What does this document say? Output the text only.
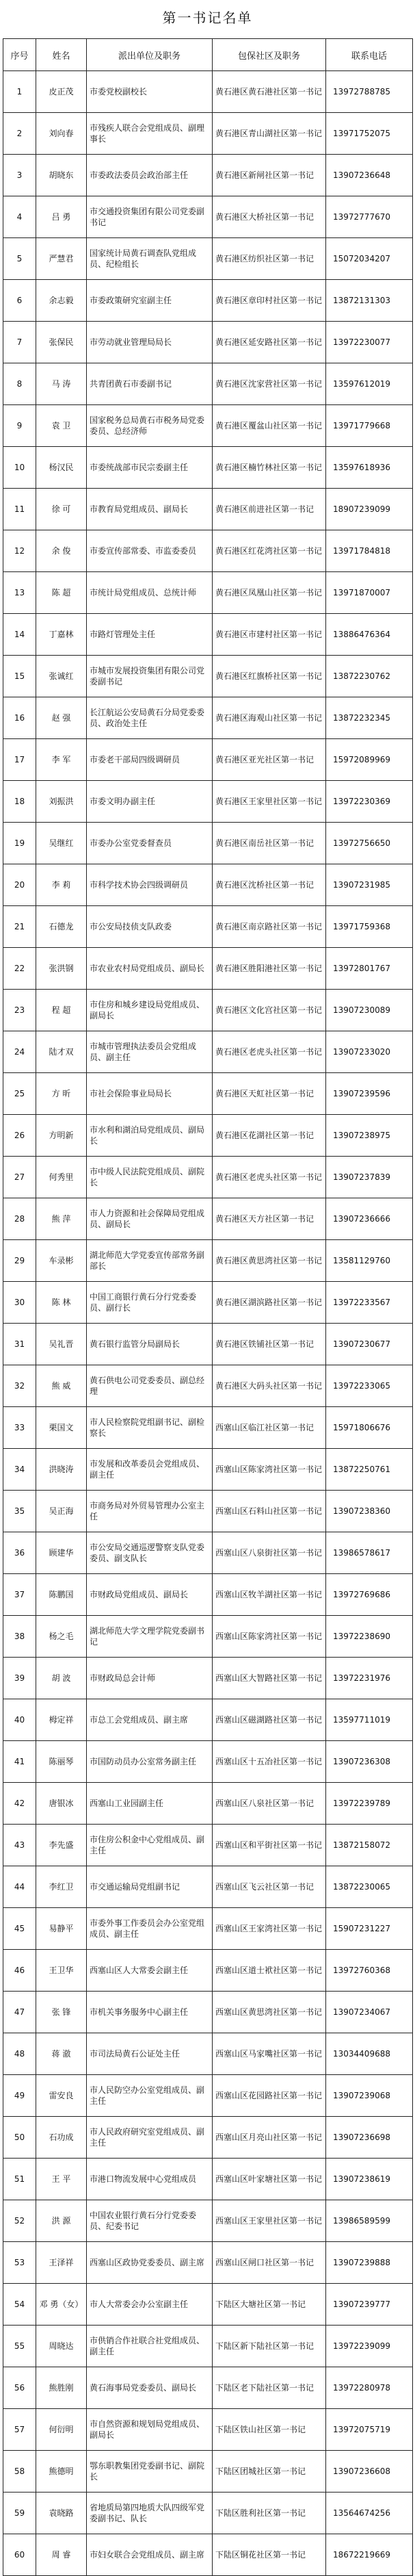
第一书记名单
序号	姓名	派出单位及职务	包保社区及职务	联系电话
1	皮正茂	市委党校副校长	黄石港区黄石港社区第一书记	13972788785
2	刘向春	市残疾人联合会党组成员、副理事长	黄石港区青山湖社区第一书记	13971752075
3	胡晓东	市委政法委员会政治部主任	黄石港区新闸社区第一书记	13907236648
4	吕 勇	市交通投资集团有限公司党委副书记	黄石港区大桥社区第一书记	13972777670
5	严慧君	国家统计局黄石调查队党组成员、纪检组长	黄石港区纺织社区第一书记	15072034207
6	余志毅	市委政策研究室副主任	黄石港区章印村社区第一书记	13872131303
7	张保民	市劳动就业管理局局长	黄石港区延安路社区第一书记	13972230077
8	马 涛	共青团黄石市委副书记	黄石港区沈家营社区第一书记	13597612019
9	袁 卫	国家税务总局黄石市税务局党委委员、总经济师	黄石港区覆盆山社区第一书记	13971779668
10	杨汉民	市委统战部市民宗委副主任	黄石港区楠竹林社区第一书记	13597618936
11	徐 可	市教育局党组成员、副局长	黄石港区前进社区第一书记	18907239099
12	余 俊	市委宣传部常委、市监委委员	黄石港区红花湾社区第一书记	13971784818
13	陈 超	市统计局党组成员、总统计师	黄石港区凤凰山社区第一书记	13971870007
14	丁嘉林	市路灯管理处主任	黄石港区市建村社区第一书记	13886476364
15	张诚红	市城市发展投资集团有限公司党委副书记	黄石港区红旗桥社区第一书记	13872230762
16	赵 强	长江航运公安局黄石分局党委委员、政治处主任	黄石港区海观山社区第一书记	13872232345
17	李 军	市委老干部局四级调研员	黄石港区亚光社区第一书记	15972089969
18	刘振洪	市委文明办副主任	黄石港区王家里社区第一书记	13972230369
19	吴继红	市委办公室党委督查员	黄石港区南岳社区第一书记	13972756650
20	李 莉	市科学技术协会四级调研员	黄石港区沈桥社区第一书记	13907231985
21	石德龙	市公安局技侦支队政委	黄石港区南京路社区第一书记	13971759368
22	张洪钢	市农业农村局党组成员、副局长	黄石港区胜阳港社区第一书记	13972801767
23	程 超	市住房和城乡建设局党组成员、副局长	黄石港区文化宫社区第一书记	13907230089
24	陆才双	市城市管理执法委员会党组成员、副主任	黄石港区老虎头社区第一书记	13907233020
25	方 昕	市社会保险事业局局长	黄石港区天虹社区第一书记	13907239596
26	方明新	市水利和湖泊局党组成员、副局长	黄石港区花湖社区第一书记	13907238975
27	何秀里	市中级人民法院党组成员、副院长	黄石港区老虎头社区第一书记	13907237839
28	熊 萍	市人力资源和社会保障局党组成员、副局长	黄石港区天方社区第一书记	13907236666
29	车录彬	湖北师范大学党委宣传部常务副部长	黄石港区黄思湾社区第一书记	13581129760
30	陈 林	中国工商银行黄石分行党委委员、副行长	黄石港区湖滨路社区第一书记	13972233567
31	吴礼晋	黄石银行监管分局副局长	黄石港区铁铺社区第一书记	13907230677
32	熊 威	黄石供电公司党委委员、副总经理	黄石港区大码头社区第一书记	13972233065
33	栗国文	市人民检察院党组副书记、副检察长	西塞山区临江社区第一书记	15971806676
34	洪晓涛	市发展和改革委员会党组成员、副主任	西塞山区陈家湾社区第一书记	13872250761
35	吴正海	市商务局对外贸易管理办公室主任	西塞山区石料山社区第一书记	13907238360
36	顾建华	市公安局交通巡逻警察支队党委委员、副支队长	西塞山区八泉街社区第一书记	13986578617
37	陈鹏国	市财政局党组成员、副局长	西塞山区牧羊湖社区第一书记	13972769686
38	杨之毛	湖北师范大学文理学院党委副书记	西塞山区陈家湾社区第一书记	13972238690
39	胡 波	市财政局总会计师	西塞山区大智路社区第一书记	13972231976
40	栂定祥	市总工会党组成员、副主席	西塞山区磁湖路社区第一书记	13597711019
41	陈丽琴	市国防动员办公室常务副主任	西塞山区十五冶社区第一书记	13907236308
42	唐银冰	西塞山工业园副主任	西塞山区八泉社区第一书记	13972239789
43	李先盛	市住房公积金中心党组成员、副主任	西塞山区和平街社区第一书记	13872158072
44	李红卫	市交通运输局党组副书记	西塞山区飞云社区第一书记	13872230065
45	易静平	市委外事工作委员会办公室党组成员、副主任	西塞山区王家湾社区第一书记	15907231227
46	王卫华	西塞山区人大常委会副主任	西塞山区道士袱社区第一书记	13972760368
47	张 锋	市机关事务服务中心副主任	西塞山区黄思湾社区第一书记	13907234067
48	蒋 澈	市司法局黄石公证处主任	西塞山区马家嘴社区第一书记	13034409688
49	雷安良	市人民防空办公室党组成员、副主任	西塞山区花园路社区第一书记	13907239068
50	石功成	市人民政府研究室党组成员、副主任	西塞山区月亮山社区第一书记	13907236698
51	王 平	市港口物流发展中心党组成员	西塞山区叶家塘社区第一书记	13907238619
52	洪 源	中国农业银行黄石分行党委委员、纪委书记	西塞山区王家里社区第一书记	13986589599
53	王泽祥	西塞山区政协党委委员、副主席	西塞山区闸口社区第一书记	13907239888
54	邓 勇（女）	市人大常委会办公室副主任	下陆区大塘社区第一书记	13907239777
55	周晓达	市供销合作社联合社党组成员、副主任	下陆区新下陆社区第一书记	13972239099
56	熊胜刚	黄石海事局党委委员、副局长	下陆区老下陆社区第一书记	13972280978
57	何衍明	市自然资源和规划局党组成员、副局长	下陆区铁山社区第一书记	13972075719
58	熊德明	鄂东职教集团党委副书记、副院长	下陆区团城社区第一书记	13907236608
59	袁晓路	省地质局第四地质大队四级军党委副书记、队长	下陆区胜利社区第一书记	13564674256
60	周 睿	市妇女联合会党组成员、副主席	下陆区铜花社区第一书记	18672219669
